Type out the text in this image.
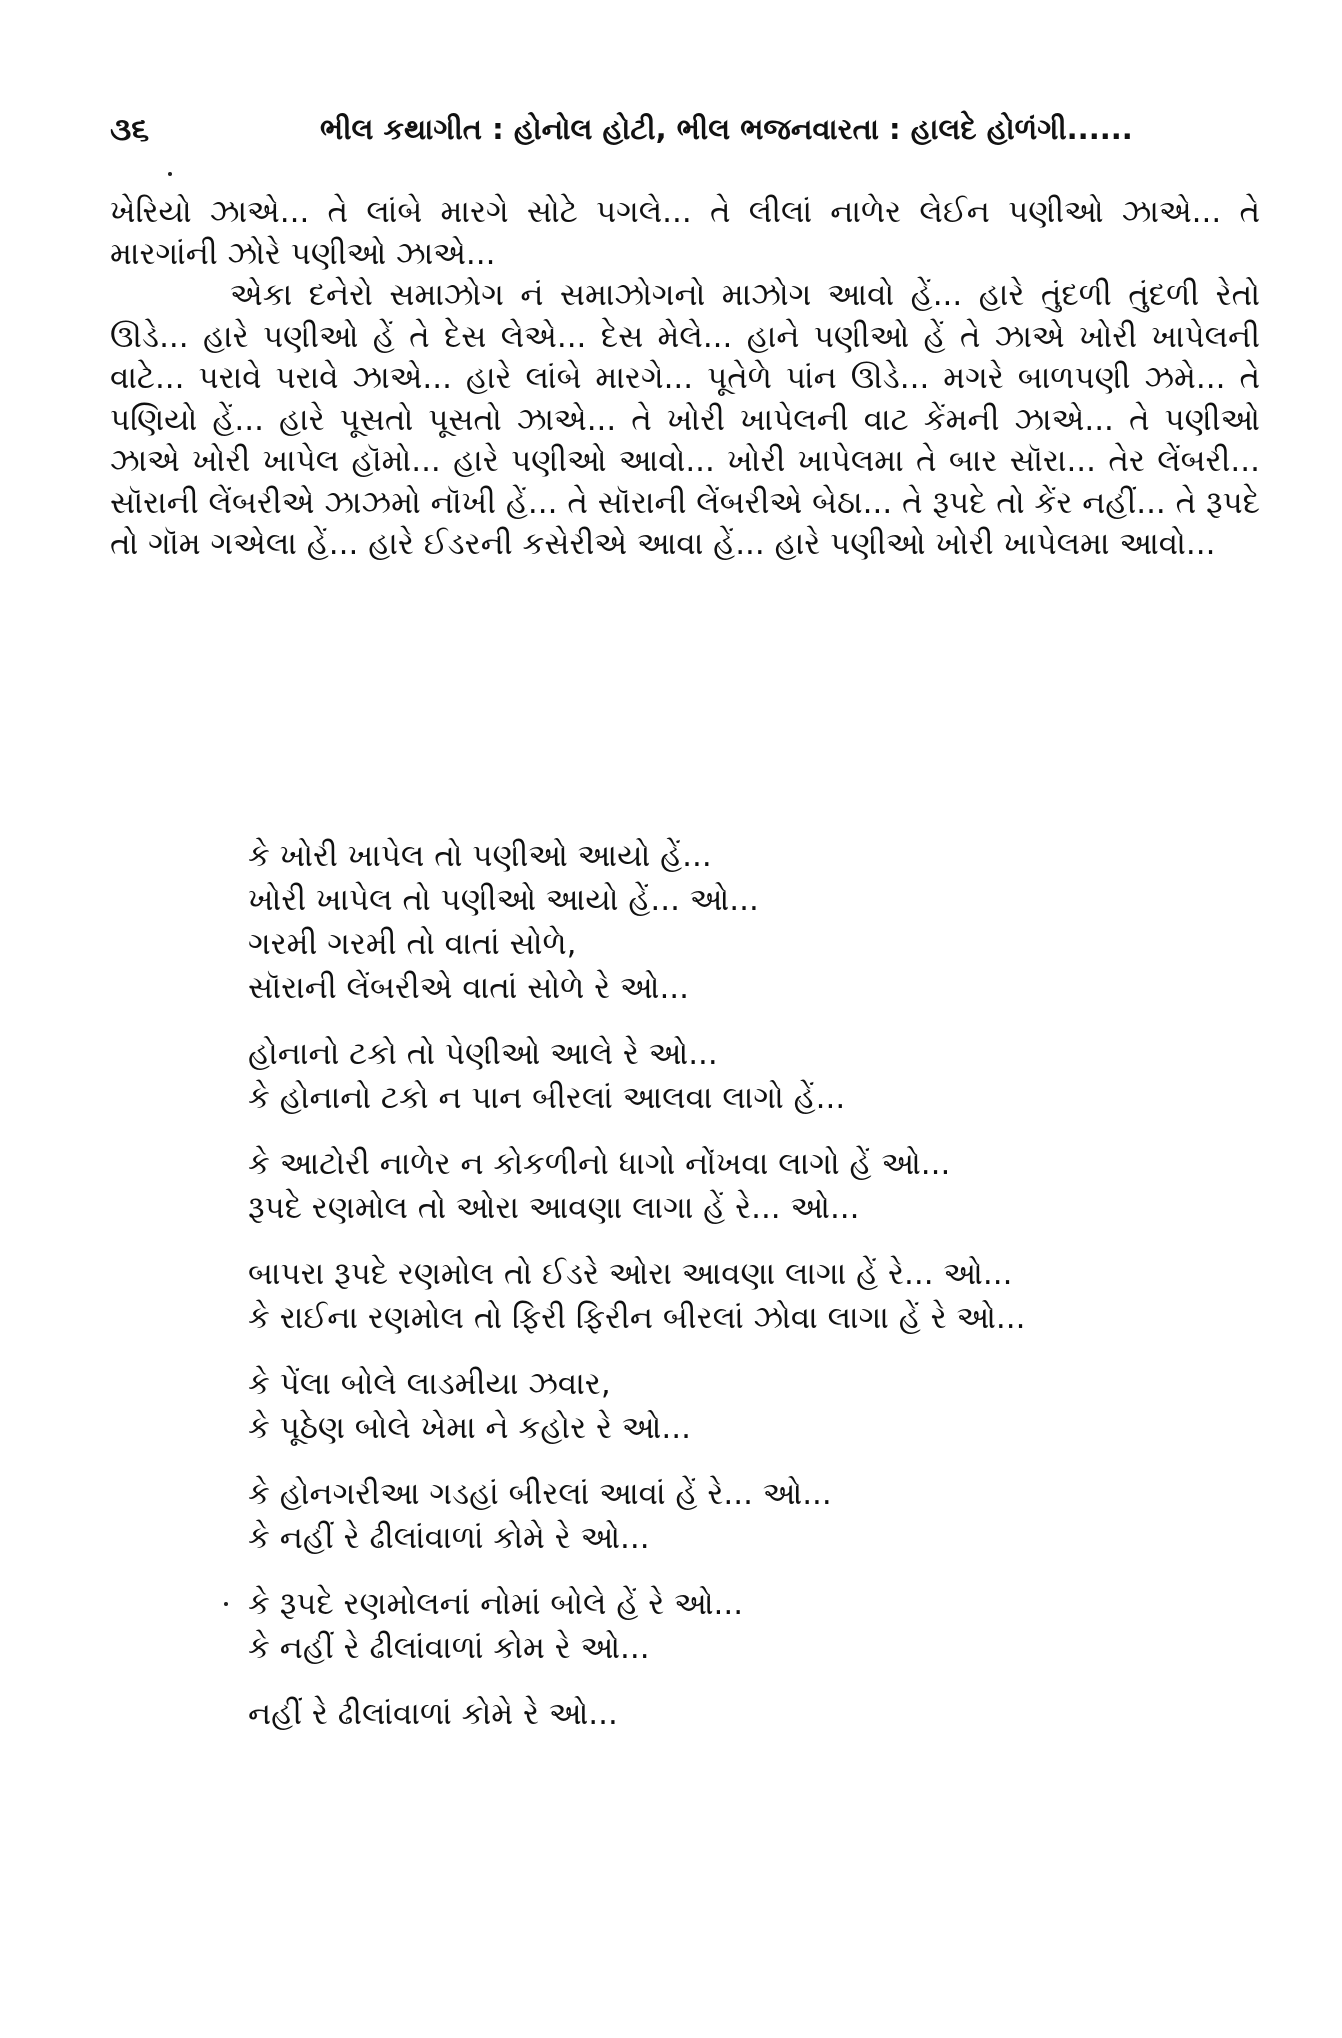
૩૬	ભીલ કથાગીત : હોનોલ હોટી, ભીલ ભજનવારતા : હાલદે હોળંગી......

ખેરિયો ઝાએ... તે લાંબે મારગે સોટે પગલે... તે લીલાં નાળેર લેઈન પણીઓ ઝાએ... તે મારગાંની ઝોરે પણીઓ ઝાએ...

એકા દનેરો સમાઝોગ નં સમાઝોગનો માઝોગ આવો હેં... હારે તુંદળી તુંદળી રેતો ઊડે... હારે પણીઓ હેં તે દેસ લેએ... દેસ મેલે... હાને પણીઓ હેં તે ઝાએ ખોરી ખાપેલની વાટે... પરાવે પરાવે ઝાએ... હારે લાંબે મારગે... પૂતેળે પાંન ઊડે... મગરે બાળપણી ઝમે... તે પણિયો હેં... હારે પૂસતો પૂસતો ઝાએ... તે ખોરી ખાપેલની વાટ કેંમની ઝાએ... તે પણીઓ ઝાએ ખોરી ખાપેલ હૉમો... હારે પણીઓ આવો... ખોરી ખાપેલમા તે બાર સૉરા... તેર લેંબરી... સૉરાની લેંબરીએ ઝાઝમો નૉખી હેં... તે સૉરાની લેંબરીએ બેઠા... તે રૂપદે તો કેંર નહીં... તે રૂપદે તો ગૉમ ગએલા હેં... હારે ઈડરની કસેરીએ આવા હેં... હારે પણીઓ ખોરી ખાપેલમા આવો...

કે ખોરી ખાપેલ તો પણીઓ આયો હેં...
ખોરી ખાપેલ તો પણીઓ આયો હેં... ઓ...
ગરમી ગરમી તો વાતાં સોળે,
સૉરાની લેંબરીએ વાતાં સોળે રે ઓ...
હોનાનો ટકો તો પેણીઓ આલે રે ઓ...
કે હોનાનો ટકો ન પાન બીરલાં આલવા લાગો હેં...
કે આટોરી નાળેર ન કોકળીનો ધાગો નોંખવા લાગો હેં ઓ...
રૂપદે રણમોલ તો ઓરા આવણા લાગા હેં રે... ઓ...
બાપરા રૂપદે રણમોલ તો ઈડરે ઓરા આવણા લાગા હેં રે... ઓ...
કે રાઈના રણમોલ તો ફિરી ફિરીન બીરલાં ઝોવા લાગા હેં રે ઓ...
કે પેંલા બોલે લાડમીયા ઝવાર,
કે પૂઠેણ બોલે ખેમા ને કહોર રે ઓ...
કે હોનગરીઆ ગડહાં બીરલાં આવાં હેં રે... ઓ...
કે નહીં રે ઢીલાંવાળાં કોમે રે ઓ...
કે રૂપદે રણમોલનાં નોમાં બોલે હેં રે ઓ...
કે નહીં રે ઢીલાંવાળાં કોમ રે ઓ...
નહીં રે ઢીલાંવાળાં કોમે રે ઓ...
